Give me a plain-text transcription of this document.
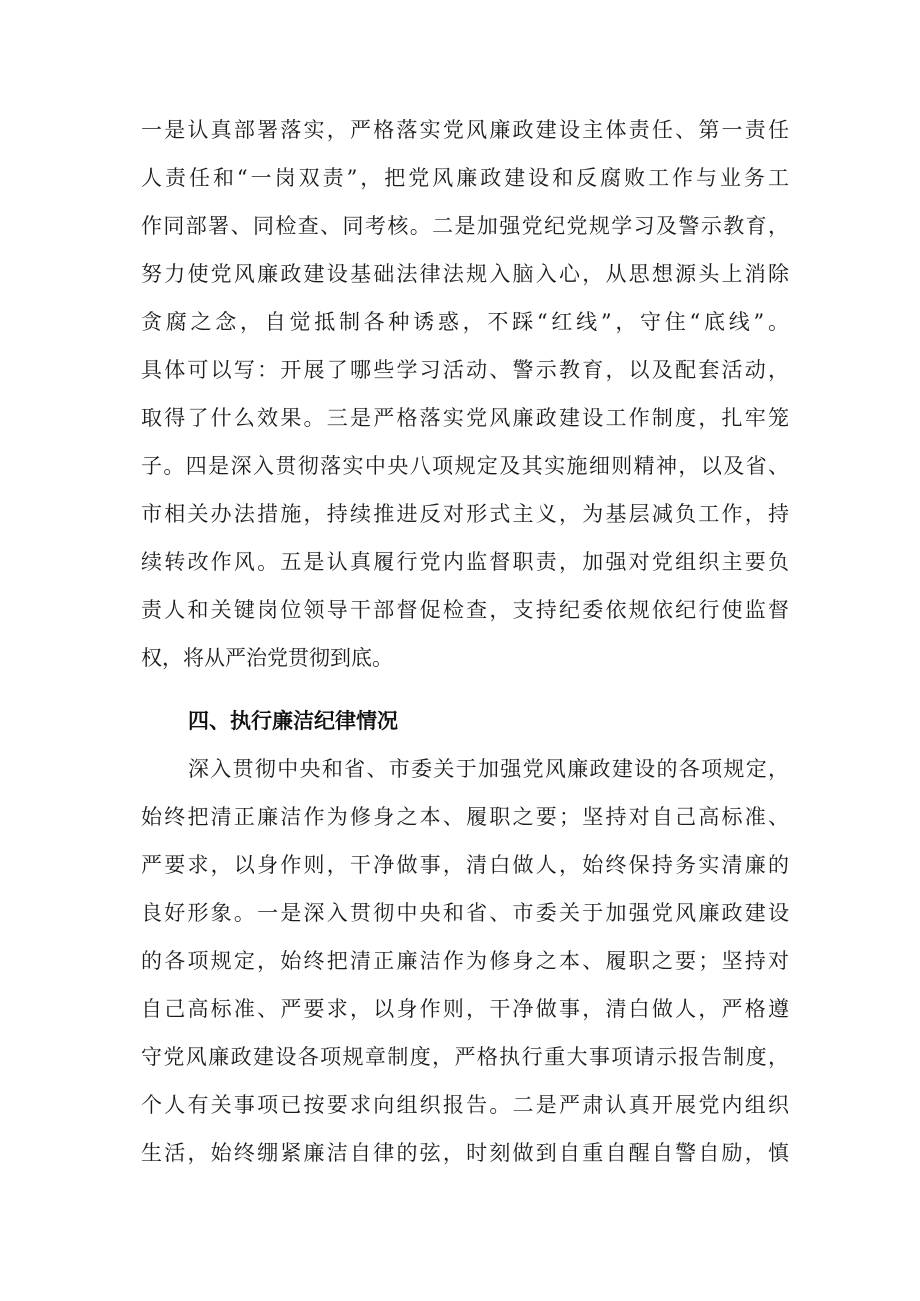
一是认真部署落实，严格落实党风廉政建设主体责任、第一责任
人责任和“一岗双责”，把党风廉政建设和反腐败工作与业务工
作同部署、同检查、同考核。二是加强党纪党规学习及警示教育，
努力使党风廉政建设基础法律法规入脑入心，从思想源头上消除
贪腐之念，自觉抵制各种诱惑，不踩“红线”，守住“底线”。
具体可以写：开展了哪些学习活动、警示教育，以及配套活动，
取得了什么效果。三是严格落实党风廉政建设工作制度，扎牢笼
子。四是深入贯彻落实中央八项规定及其实施细则精神，以及省、
市相关办法措施，持续推进反对形式主义，为基层减负工作，持
续转改作风。五是认真履行党内监督职责，加强对党组织主要负
责人和关键岗位领导干部督促检查，支持纪委依规依纪行使监督
权，将从严治党贯彻到底。
四、执行廉洁纪律情况
深入贯彻中央和省、市委关于加强党风廉政建设的各项规定，
始终把清正廉洁作为修身之本、履职之要；坚持对自己高标准、
严要求，以身作则，干净做事，清白做人，始终保持务实清廉的
良好形象。一是深入贯彻中央和省、市委关于加强党风廉政建设
的各项规定，始终把清正廉洁作为修身之本、履职之要；坚持对
自己高标准、严要求，以身作则，干净做事，清白做人，严格遵
守党风廉政建设各项规章制度，严格执行重大事项请示报告制度，
个人有关事项已按要求向组织报告。二是严肃认真开展党内组织
生活，始终绷紧廉洁自律的弦，时刻做到自重自醒自警自励，慎
